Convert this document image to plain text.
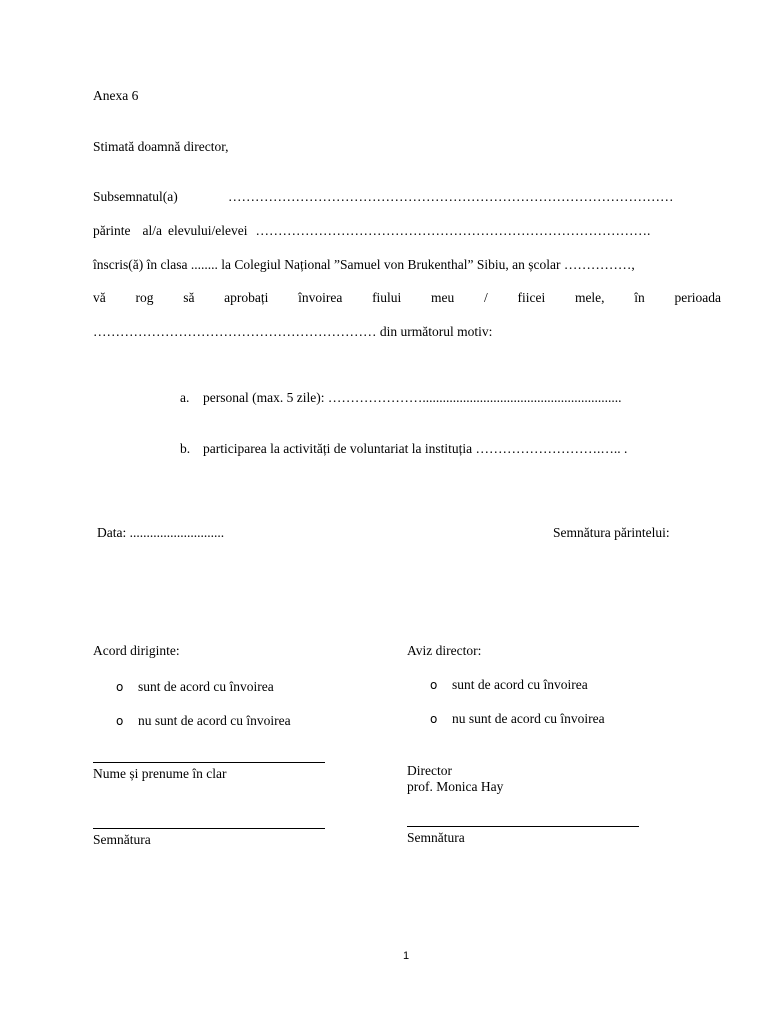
Anexa 6
Stimată doamnă director,
Subsemnatul(a)	………………………………………………………………………………………
părinte al/a elevului/elevei …………………………………………………………………………….
înscris(ă) în clasa ........ la Colegiul Național ”Samuel von Brukenthal” Sibiu, an școlar ……………,
vă rog să aprobați învoirea fiului meu / fiicei mele, în perioada
……………………………………………………… din următorul motiv:
a. personal (max. 5 zile): …………………...........................................................
b. participarea la activități de voluntariat la instituția ……………………….….. .
Data: ............................	Semnătura părintelui:
Acord diriginte:
o sunt de acord cu învoirea
o nu sunt de acord cu învoirea
Nume și prenume în clar
Semnătura
Aviz director:
o sunt de acord cu învoirea
o nu sunt de acord cu învoirea
Director
prof. Monica Hay
Semnătura
1
